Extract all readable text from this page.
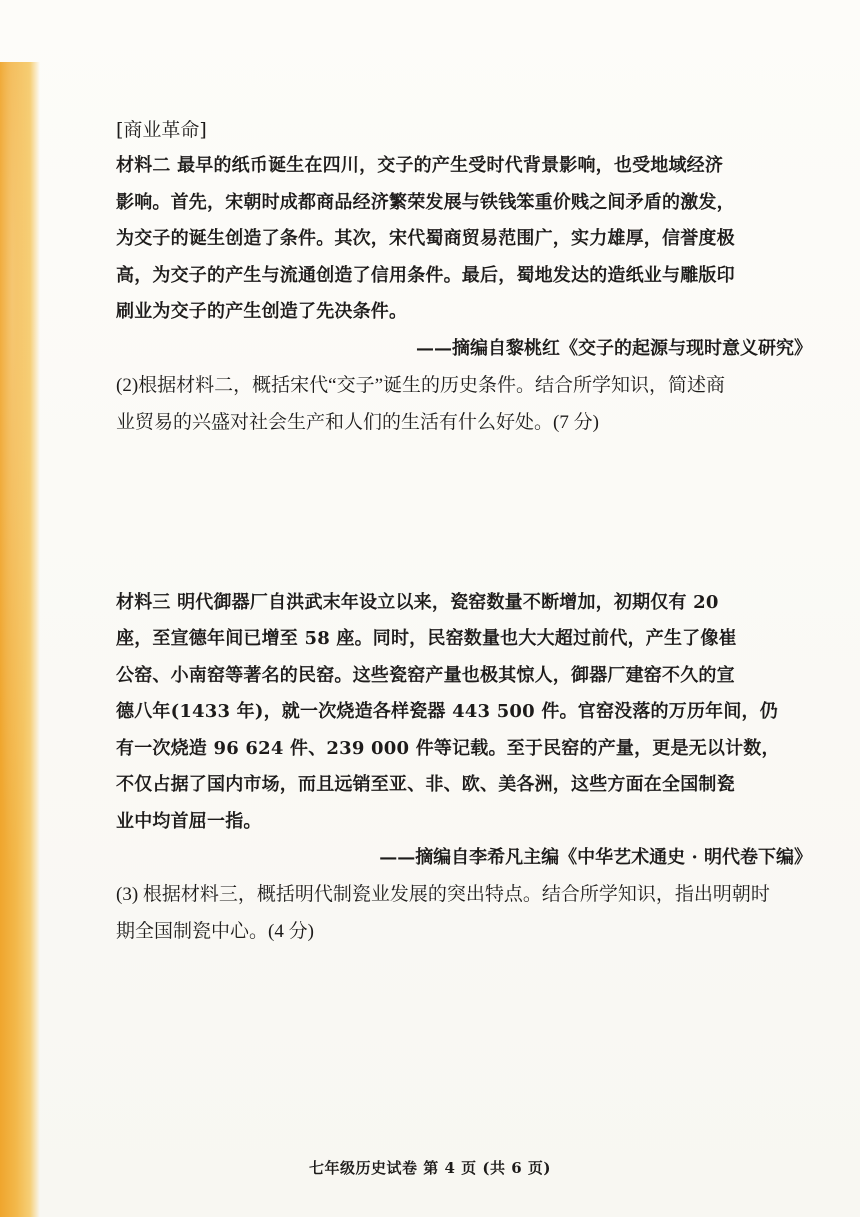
[商业革命]
材料二 最早的纸币诞生在四川，交子的产生受时代背景影响，也受地域经济
影响。首先，宋朝时成都商品经济繁荣发展与铁钱笨重价贱之间矛盾的激发，
为交子的诞生创造了条件。其次，宋代蜀商贸易范围广，实力雄厚，信誉度极
高，为交子的产生与流通创造了信用条件。最后，蜀地发达的造纸业与雕版印
刷业为交子的产生创造了先决条件。
——摘编自黎桃红《交子的起源与现时意义研究》
(2)根据材料二，概括宋代“交子”诞生的历史条件。结合所学知识，简述商
业贸易的兴盛对社会生产和人们的生活有什么好处。(7 分)
材料三 明代御器厂自洪武末年设立以来，瓷窑数量不断增加，初期仅有 20
座，至宣德年间已增至 58 座。同时，民窑数量也大大超过前代，产生了像崔
公窑、小南窑等著名的民窑。这些瓷窑产量也极其惊人，御器厂建窑不久的宣
德八年(1433 年)，就一次烧造各样瓷器 443 500 件。官窑没落的万历年间，仍
有一次烧造 96 624 件、239 000 件等记载。至于民窑的产量，更是无以计数，
不仅占据了国内市场，而且远销至亚、非、欧、美各洲，这些方面在全国制瓷
业中均首屈一指。
——摘编自李希凡主编《中华艺术通史 · 明代卷下编》
(3) 根据材料三，概括明代制瓷业发展的突出特点。结合所学知识，指出明朝时
期全国制瓷中心。(4 分)
七年级历史试卷 第 4 页 (共 6 页)
